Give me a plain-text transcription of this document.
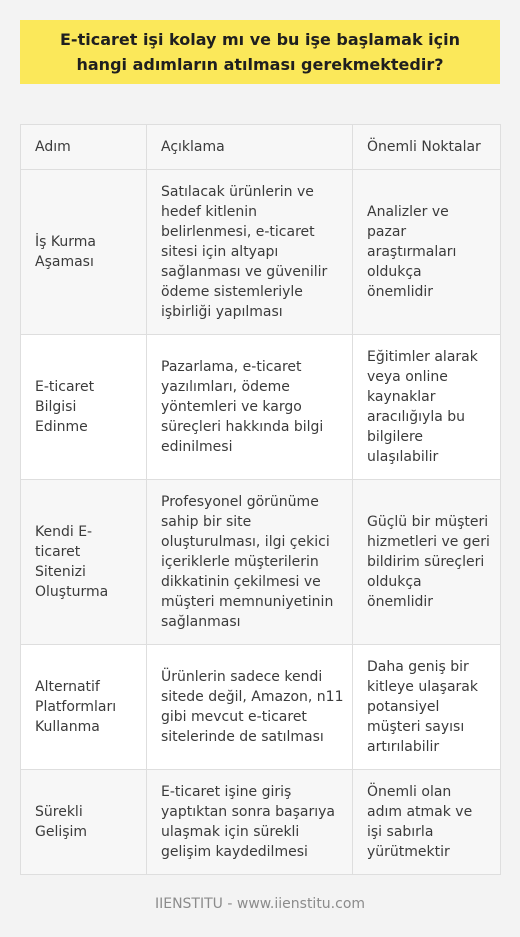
E-ticaret işi kolay mı ve bu işe başlamak için hangi adımların atılması gerekmektedir?
Adım	Açıklama	Önemli Noktalar
İş Kurma Aşaması	Satılacak ürünlerin ve hedef kitlenin belirlenmesi, e-ticaret sitesi için altyapı sağlanması ve güvenilir ödeme sistemleriyle işbirliği yapılması	Analizler ve pazar araştırmaları oldukça önemlidir
E-ticaret Bilgisi Edinme	Pazarlama, e-ticaret yazılımları, ödeme yöntemleri ve kargo süreçleri hakkında bilgi edinilmesi	Eğitimler alarak veya online kaynaklar aracılığıyla bu bilgilere ulaşılabilir
Kendi E-ticaret Sitenizi Oluşturma	Profesyonel görünüme sahip bir site oluşturulması, ilgi çekici içeriklerle müşterilerin dikkatinin çekilmesi ve müşteri memnuniyetinin sağlanması	Güçlü bir müşteri hizmetleri ve geri bildirim süreçleri oldukça önemlidir
Alternatif Platformları Kullanma	Ürünlerin sadece kendi sitede değil, Amazon, n11 gibi mevcut e-ticaret sitelerinde de satılması	Daha geniş bir kitleye ulaşarak potansiyel müşteri sayısı artırılabilir
Sürekli Gelişim	E-ticaret işine giriş yaptıktan sonra başarıya ulaşmak için sürekli gelişim kaydedilmesi	Önemli olan adım atmak ve işi sabırla yürütmektir
IIENSTITU - www.iienstitu.com
